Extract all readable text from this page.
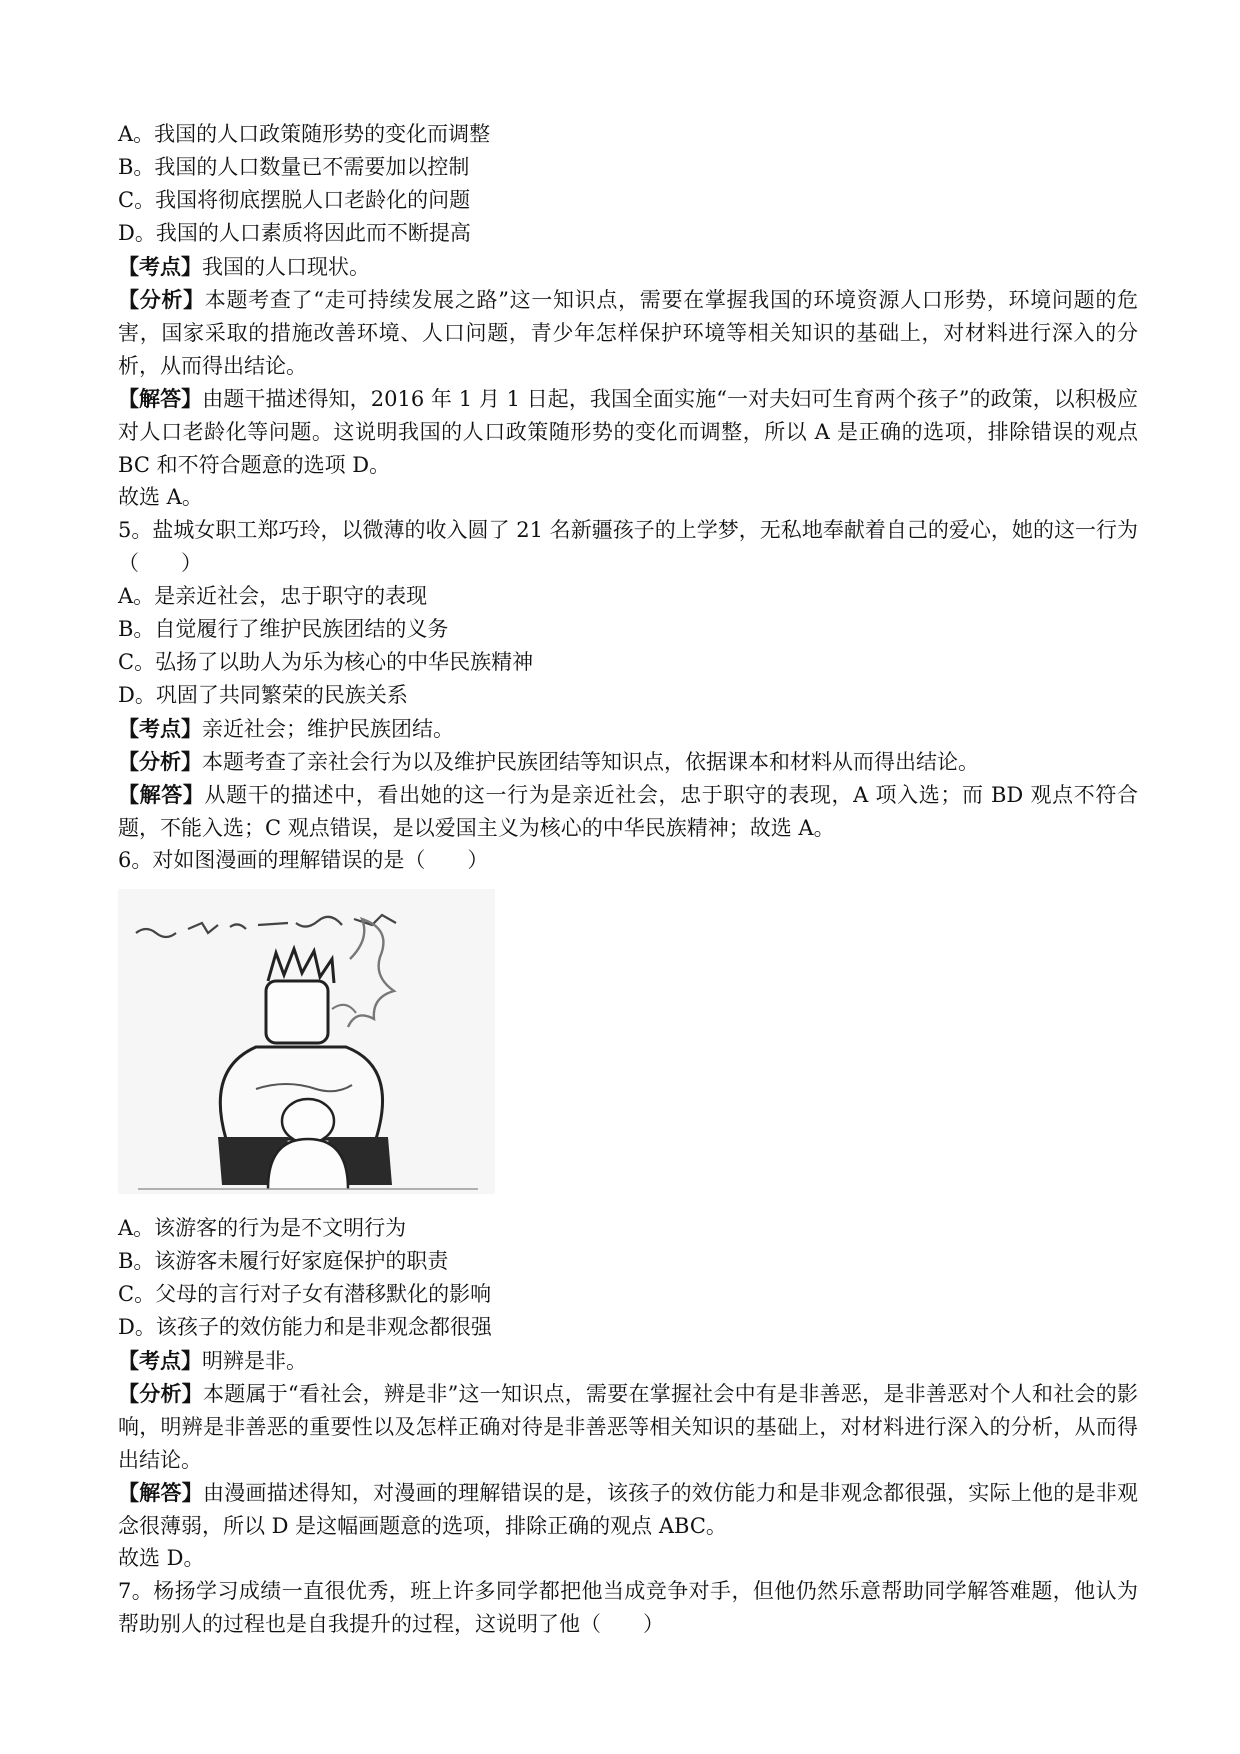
A。我国的人口政策随形势的变化而调整
B。我国的人口数量已不需要加以控制
C。我国将彻底摆脱人口老龄化的问题
D。我国的人口素质将因此而不断提高
【考点】我国的人口现状。
【分析】本题考查了“走可持续发展之路”这一知识点，需要在掌握我国的环境资源人口形势，环境问题的危害，国家采取的措施改善环境、人口问题，青少年怎样保护环境等相关知识的基础上，对材料进行深入的分析，从而得出结论。
【解答】由题干描述得知，2016 年 1 月 1 日起，我国全面实施“一对夫妇可生育两个孩子”的政策，以积极应对人口老龄化等问题。这说明我国的人口政策随形势的变化而调整，所以 A 是正确的选项，排除错误的观点 BC 和不符合题意的选项 D。
故选 A。
5。盐城女职工郑巧玲，以微薄的收入圆了 21 名新疆孩子的上学梦，无私地奉献着自己的爱心，她的这一行为（　　）
A。是亲近社会，忠于职守的表现
B。自觉履行了维护民族团结的义务
C。弘扬了以助人为乐为核心的中华民族精神
D。巩固了共同繁荣的民族关系
【考点】亲近社会；维护民族团结。
【分析】本题考查了亲社会行为以及维护民族团结等知识点，依据课本和材料从而得出结论。
【解答】从题干的描述中，看出她的这一行为是亲近社会，忠于职守的表现，A 项入选；而 BD 观点不符合题，不能入选；C 观点错误，是以爱国主义为核心的中华民族精神；故选 A。
6。对如图漫画的理解错误的是（　　）
A。该游客的行为是不文明行为
B。该游客未履行好家庭保护的职责
C。父母的言行对子女有潜移默化的影响
D。该孩子的效仿能力和是非观念都很强
【考点】明辨是非。
【分析】本题属于“看社会，辨是非”这一知识点，需要在掌握社会中有是非善恶，是非善恶对个人和社会的影响，明辨是非善恶的重要性以及怎样正确对待是非善恶等相关知识的基础上，对材料进行深入的分析，从而得出结论。
【解答】由漫画描述得知，对漫画的理解错误的是，该孩子的效仿能力和是非观念都很强，实际上他的是非观念很薄弱，所以 D 是这幅画题意的选项，排除正确的观点 ABC。
故选 D。
7。杨扬学习成绩一直很优秀，班上许多同学都把他当成竞争对手，但他仍然乐意帮助同学解答难题，他认为帮助别人的过程也是自我提升的过程，这说明了他（　　）
